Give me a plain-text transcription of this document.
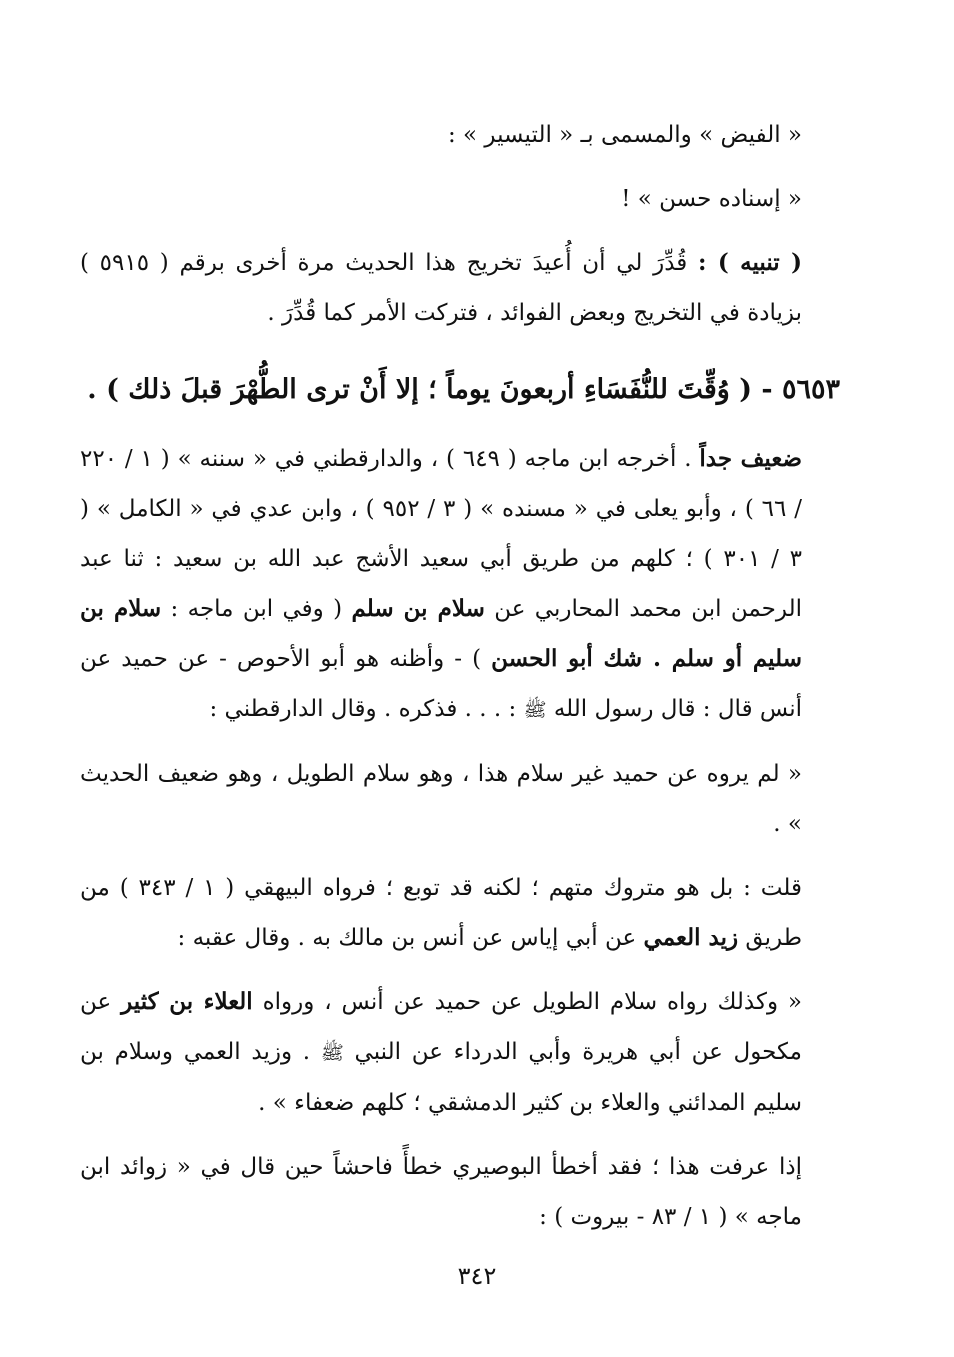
« الفيض » والمسمى بـ « التيسير » :

« إسناده حسن » !

( تنبيه ) : قُدِّرَ لي أن أُعيدَ تخريج هذا الحديث مرة أخرى برقم ( ٥٩١٥ ) بزيادة في التخريج وبعض الفوائد ، فتركت الأمر كما قُدِّرَ .

٥٦٥٣ - ( وُقِّتَ للنُّفَسَاءِ أربعونَ يوماً ؛ إلا أَنْ ترى الطُّهْرَ قبلَ ذلك ) .

ضعيف جداً . أخرجه ابن ماجه ( ٦٤٩ ) ، والدارقطني في « سننه » ( ١ / ٢٢٠ / ٦٦ ) ، وأبو يعلى في « مسنده » ( ٣ / ٩٥٢ ) ، وابن عدي في « الكامل » ( ٣ / ٣٠١ ) ؛ كلهم من طريق أبي سعيد الأشج عبد الله بن سعيد : ثنا عبد الرحمن ابن محمد المحاربي عن سلام بن سلم ( وفي ابن ماجه : سلام بن سليم أو سلم . شك أبو الحسن ) - وأظنه هو أبو الأحوص - عن حميد عن أنس قال : قال رسول الله ﷺ : . . . فذكره . وقال الدارقطني :

« لم يروه عن حميد غير سلام هذا ، وهو سلام الطويل ، وهو ضعيف الحديث » .

قلت : بل هو متروك متهم ؛ لكنه قد توبع ؛ فرواه البيهقي ( ١ / ٣٤٣ ) من طريق زيد العمي عن أبي إياس عن أنس بن مالك به . وقال عقبه :

« وكذلك رواه سلام الطويل عن حميد عن أنس ، ورواه العلاء بن كثير عن مكحول عن أبي هريرة وأبي الدرداء عن النبي ﷺ . وزيد العمي وسلام بن سليم المدائني والعلاء بن كثير الدمشقي ؛ كلهم ضعفاء » .

إذا عرفت هذا ؛ فقد أخطأ البوصيري خطأً فاحشاً حين قال في « زوائد ابن ماجه » ( ١ / ٨٣ - بيروت ) :

٣٤٢
